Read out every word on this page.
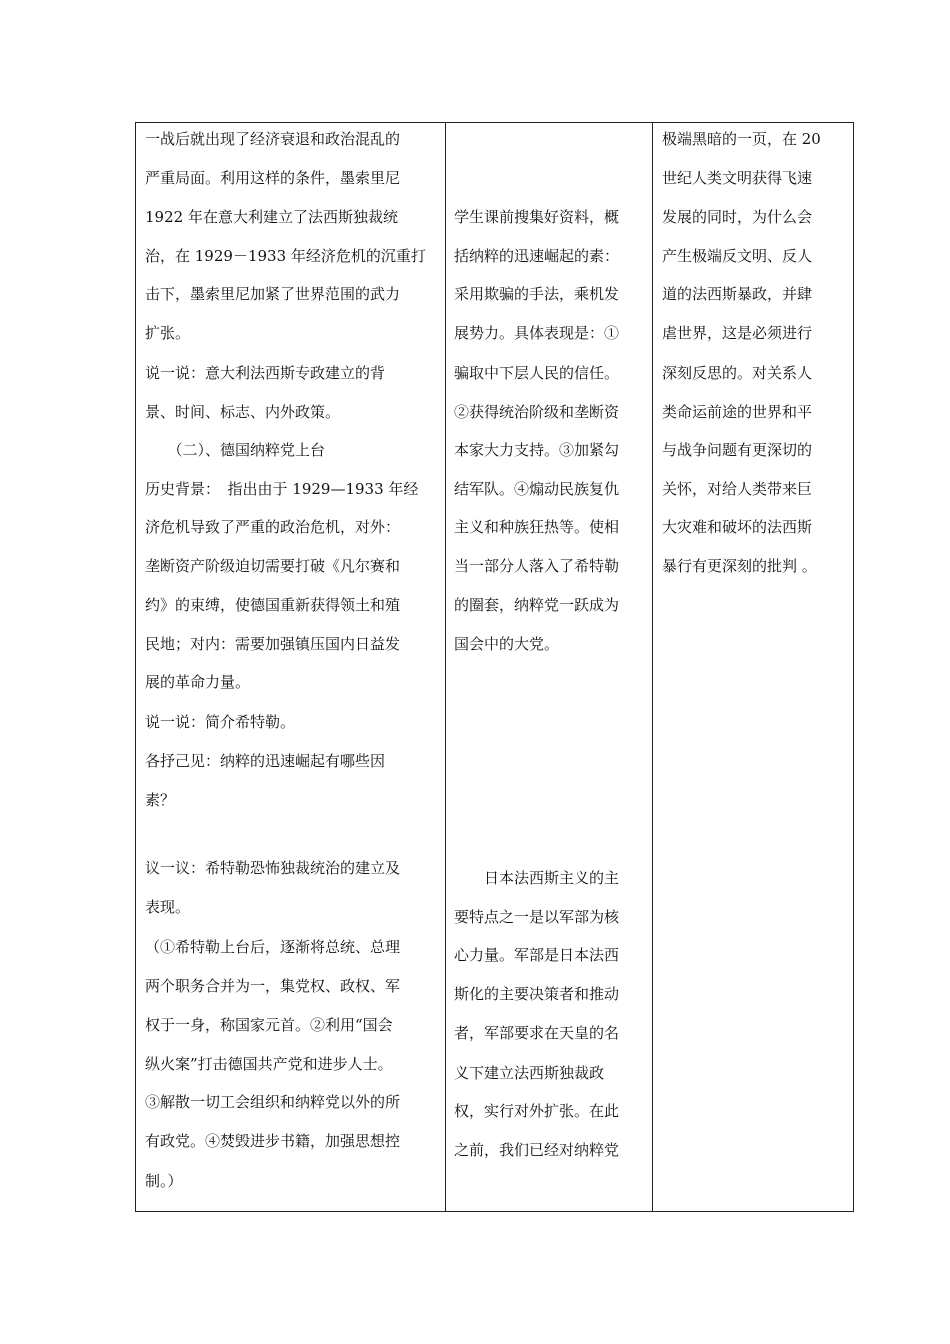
一战后就出现了经济衰退和政治混乱的
严重局面。利用这样的条件，墨索里尼
1922 年在意大利建立了法西斯独裁统
治，在 1929－1933 年经济危机的沉重打
击下，墨索里尼加紧了世界范围的武力
扩张。
说一说：意大利法西斯专政建立的背
景、时间、标志、内外政策。
　　（二）、德国纳粹党上台
历史背景：　指出由于 1929—1933 年经
济危机导致了严重的政治危机，对外：
垄断资产阶级迫切需要打破《凡尔赛和
约》的束缚，使德国重新获得领土和殖
民地；对内：需要加强镇压国内日益发
展的革命力量。
说一说：简介希特勒。
各抒己见：纳粹的迅速崛起有哪些因
素？
议一议：希特勒恐怖独裁统治的建立及
表现。
（①希特勒上台后，逐渐将总统、总理
两个职务合并为一，集党权、政权、军
权于一身，称国家元首。②利用“国会
纵火案”打击德国共产党和进步人士。
③解散一切工会组织和纳粹党以外的所
有政党。④焚毁进步书籍，加强思想控
制。）
学生课前搜集好资料，概
括纳粹的迅速崛起的素：
采用欺骗的手法，乘机发
展势力。具体表现是：①
骗取中下层人民的信任。
②获得统治阶级和垄断资
本家大力支持。③加紧勾
结军队。④煽动民族复仇
主义和种族狂热等。使相
当一部分人落入了希特勒
的圈套，纳粹党一跃成为
国会中的大党。
　　日本法西斯主义的主
要特点之一是以军部为核
心力量。军部是日本法西
斯化的主要决策者和推动
者，军部要求在天皇的名
义下建立法西斯独裁政
权，实行对外扩张。在此
之前，我们已经对纳粹党
极端黑暗的一页，在 20
世纪人类文明获得飞速
发展的同时，为什么会
产生极端反文明、反人
道的法西斯暴政，并肆
虐世界，这是必须进行
深刻反思的。对关系人
类命运前途的世界和平
与战争问题有更深切的
关怀，对给人类带来巨
大灾难和破坏的法西斯
暴行有更深刻的批判 。
